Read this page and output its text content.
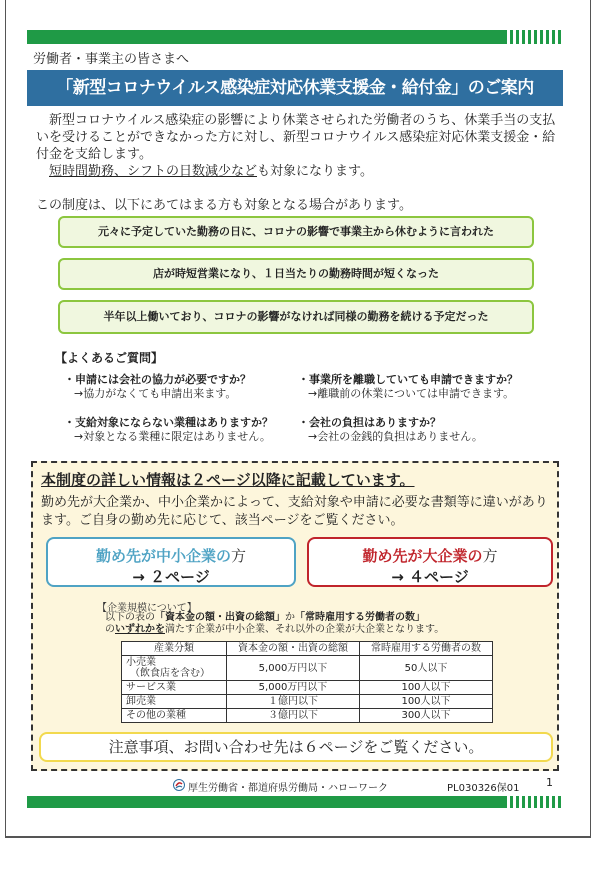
労働者・事業主の皆さまへ
「新型コロナウイルス感染症対応休業支援金・給付金」のご案内
新型コロナウイルス感染症の影響により休業させられた労働者のうち、休業手当の支払いを受けることができなかった方に対し、新型コロナウイルス感染症対応休業支援金・給付金を支給します。
短時間勤務、シフトの日数減少なども対象になります。
この制度は、以下にあてはまる方も対象となる場合があります。
元々に予定していた勤務の日に、コロナの影響で事業主から休むように言われた
店が時短営業になり、１日当たりの勤務時間が短くなった
半年以上働いており、コロナの影響がなければ同様の勤務を続ける予定だった
【よくあるご質問】
・申請には会社の協力が必要ですか？
→協力がなくても申請出来ます。
・事業所を離職していても申請できますか？
→離職前の休業については申請できます。
・支給対象にならない業種はありますか？
→対象となる業種に限定はありません。
・会社の負担はありますか？
→会社の金銭的負担はありません。
本制度の詳しい情報は２ページ以降に記載しています。
勤め先が大企業か、中小企業かによって、支給対象や申請に必要な書類等に違いがあります。ご自身の勤め先に応じて、該当ページをご覧ください。
勤め先が中小企業の方
→ ２ページ
勤め先が大企業の方
→ ４ページ
【企業規模について】
以下の表の「資本金の額・出資の総額」か「常時雇用する労働者の数」
のいずれかを満たす企業が中小企業、それ以外の企業が大企業となります。
産業分類	資本金の額・出資の総額	常時雇用する労働者の数

小売業
（飲食店を含む）	5,000万円以下	50人以下
サービス業	5,000万円以下	100人以下
卸売業	１億円以下	100人以下
その他の業種	３億円以下	300人以下
注意事項、お問い合わせ先は６ページをご覧ください。
厚生労働省・都道府県労働局・ハローワーク	PL030326保01 1
